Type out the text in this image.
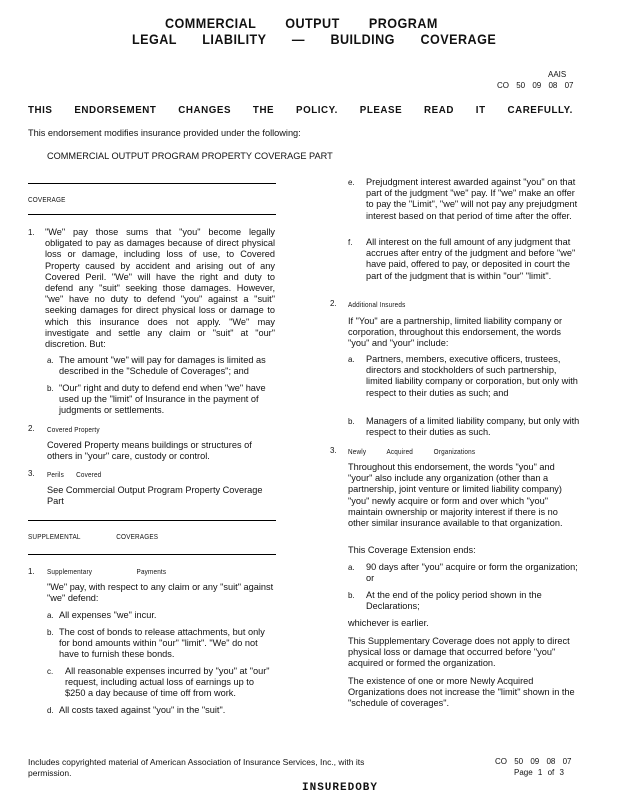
COMMERCIAL OUTPUT PROGRAM
LEGAL LIABILITY — BUILDING COVERAGE
AAIS
CO 50 09 08 07
THIS ENDORSEMENT CHANGES THE POLICY. PLEASE READ IT CAREFULLY.
This endorsement modifies insurance provided under the following:
COMMERCIAL OUTPUT PROGRAM PROPERTY COVERAGE PART
COVERAGE
1. "We" pay those sums that "you" become legally obligated to pay as damages because of direct physical loss or damage, including loss of use, to Covered Property caused by accident and arising out of any Covered Peril. "We" will have the right and duty to defend any "suit" seeking those damages. However, "we" have no duty to defend "you" against a "suit" seeking damages for direct physical loss or damage to which this insurance does not apply. "We" may investigate and settle any claim or "suit" at "our" discretion. But:
a. The amount "we" will pay for damages is limited as described in the "Schedule of Coverages"; and
b. "Our" right and duty to defend end when "we" have used up the "limit" of Insurance in the payment of judgments or settlements.
2. Covered Property
Covered Property means buildings or structures of others in "your" care, custody or control.
3. Perils Covered
See Commercial Output Program Property Coverage Part
SUPPLEMENTAL COVERAGES
1. Supplementary Payments
"We" pay, with respect to any claim or any "suit" against "we" defend:
a. All expenses "we" incur.
b. The cost of bonds to release attachments, but only for bond amounts within "our" "limit". "We" do not have to furnish these bonds.
c. All reasonable expenses incurred by "you" at "our" request, including actual loss of earnings up to $250 a day because of time off from work.
d. All costs taxed against "you" in the "suit".
e. Prejudgment interest awarded against "you" on that part of the judgment "we" pay. If "we" make an offer to pay the "Limit", "we" will not pay any prejudgment interest based on that period of time after the offer.
f. All interest on the full amount of any judgment that accrues after entry of the judgment and before "we" have paid, offered to pay, or deposited in court the part of the judgment that is within "our" "limit".
2. Additional Insureds
If "You" are a partnership, limited liability company or corporation, throughout this endorsement, the words "you" and "your" include:
a. Partners, members, executive officers, trustees, directors and stockholders of such partnership, limited liability company or corporation, but only with respect to their duties as such; and
b. Managers of a limited liability company, but only with respect to their duties as such.
3. Newly Acquired Organizations
Throughout this endorsement, the words "you" and "your" also include any organization (other than a partnership, joint venture or limited liability company) "you" newly acquire or form and over which "you" maintain ownership or majority interest if there is no other similar insurance available to that organization.
This Coverage Extension ends:
a. 90 days after "you" acquire or form the organization; or
b. At the end of the policy period shown in the Declarations;
whichever is earlier.
This Supplementary Coverage does not apply to direct physical loss or damage that occurred before "you" acquired or formed the organization.
The existence of one or more Newly Acquired Organizations does not increase the "limit" shown in the "schedule of coverages".
Includes copyrighted material of American Association of Insurance Services, Inc., with its permission.
CO 50 09 08 07
Page 1 of 3
INSUREDOBY
